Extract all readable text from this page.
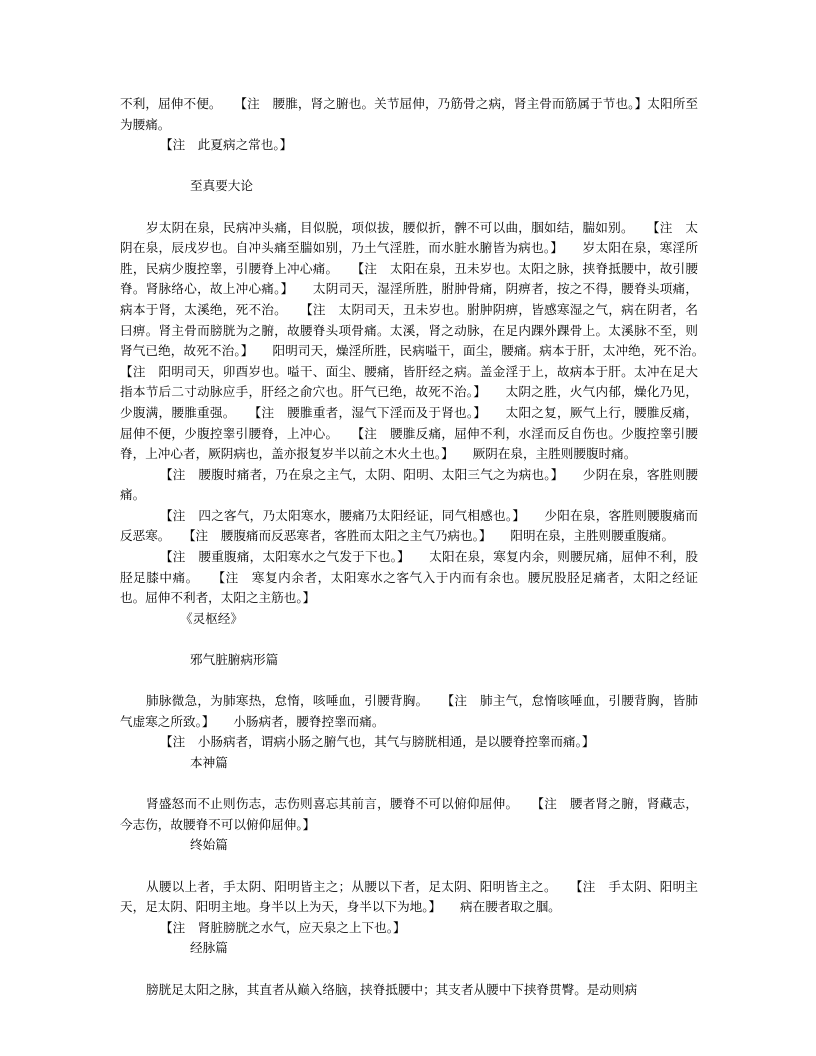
不利，屈伸不便。　　【注　腰脽，肾之腑也。关节屈伸，乃筋骨之病，肾主骨而筋属于节也。】太阳所至为腰痛。

【注　此夏病之常也。】

至真要大论

岁太阴在泉，民病冲头痛，目似脱，项似拔，腰似折，髀不可以曲，腘如结，腨如别。　　【注　太阴在泉，辰戌岁也。自冲头痛至腨如别，乃土气淫胜，而水脏水腑皆为病也。】　　岁太阳在泉，寒淫所胜，民病少腹控睾，引腰脊上冲心痛。　　【注　太阳在泉，丑未岁也。太阳之脉，挟脊抵腰中，故引腰脊。肾脉络心，故上冲心痛。】　　太阴司天，湿淫所胜，胕肿骨痛，阴痹者，按之不得，腰脊头项痛，病本于肾，太溪绝，死不治。　　【注　太阴司天，丑未岁也。胕肿阴痹，皆感寒湿之气，病在阴者，名曰痹。肾主骨而膀胱为之腑，故腰脊头项骨痛。太溪，肾之动脉，在足内踝外踝骨上。太溪脉不至，则肾气已绝，故死不治。】　　阳明司天，燥淫所胜，民病嗌干，面尘，腰痛。病本于肝，太冲绝，死不治。　　【注　阳明司天，卯酉岁也。嗌干、面尘、腰痛，皆肝经之病。盖金淫于上，故病本于肝。太冲在足大指本节后二寸动脉应手，肝经之俞穴也。肝气已绝，故死不治。】　　太阴之胜，火气内郁，燥化乃见，少腹满，腰脽重强。　　【注　腰脽重者，湿气下淫而及于肾也。】　　太阳之复，厥气上行，腰脽反痛，屈伸不便，少腹控睾引腰脊，上冲心。　　【注　腰脽反痛，屈伸不利，水淫而反自伤也。少腹控睾引腰脊，上冲心者，厥阴病也，盖亦报复岁半以前之木火土也。】　　厥阴在泉，主胜则腰腹时痛。

【注　腰腹时痛者，乃在泉之主气，太阴、阳明、太阳三气之为病也。】　　少阴在泉，客胜则腰痛。

【注　四之客气，乃太阳寒水，腰痛乃太阳经证，同气相感也。】　　少阳在泉，客胜则腰腹痛而反恶寒。　　【注　腰腹痛而反恶寒者，客胜而太阳之主气乃病也。】　　阳明在泉，主胜则腰重腹痛。

【注　腰重腹痛，太阳寒水之气发于下也。】　　太阳在泉，寒复内余，则腰尻痛，屈伸不利，股胫足膝中痛。　　【注　寒复内余者，太阳寒水之客气入于内而有余也。腰尻股胫足痛者，太阳之经证也。屈伸不利者，太阳之主筋也。】

《灵枢经》

邪气脏腑病形篇

肺脉微急，为肺寒热，怠惰，咳唾血，引腰背胸。　　【注　肺主气，怠惰咳唾血，引腰背胸，皆肺气虚寒之所致。】　　小肠病者，腰脊控睾而痛。

【注　小肠病者，谓病小肠之腑气也，其气与膀胱相通，是以腰脊控睾而痛。】

本神篇

肾盛怒而不止则伤志，志伤则喜忘其前言，腰脊不可以俯仰屈伸。　　【注　腰者肾之腑，肾藏志，今志伤，故腰脊不可以俯仰屈伸。】

终始篇

从腰以上者，手太阴、阳明皆主之；从腰以下者，足太阴、阳明皆主之。　　【注　手太阴、阳明主天，足太阴、阳明主地。身半以上为天，身半以下为地。】　　病在腰者取之腘。

【注　肾脏膀胱之水气，应天泉之上下也。】

经脉篇

膀胱足太阳之脉，其直者从巅入络脑，挟脊抵腰中；其支者从腰中下挟脊贯臀。是动则病
